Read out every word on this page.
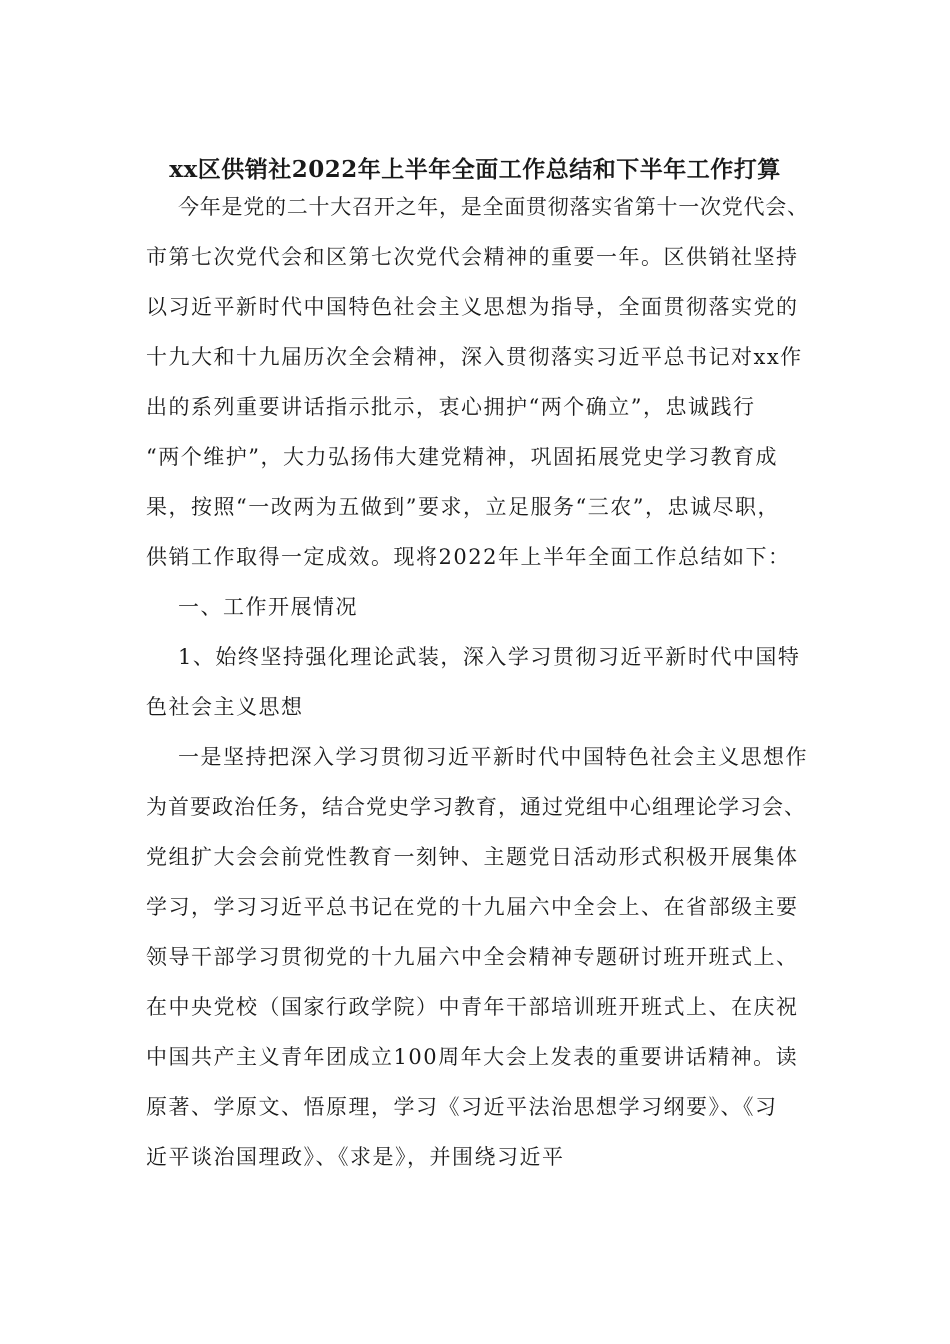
xx区供销社2022年上半年全面工作总结和下半年工作打算
今年是党的二十大召开之年，是全面贯彻落实省第十一次党代会、
市第七次党代会和区第七次党代会精神的重要一年。区供销社坚持
以习近平新时代中国特色社会主义思想为指导，全面贯彻落实党的
十九大和十九届历次全会精神，深入贯彻落实习近平总书记对xx作
出的系列重要讲话指示批示，衷心拥护“两个确立”，忠诚践行
“两个维护”，大力弘扬伟大建党精神，巩固拓展党史学习教育成
果，按照“一改两为五做到”要求，立足服务“三农”，忠诚尽职，
供销工作取得一定成效。现将2022年上半年全面工作总结如下：
一、工作开展情况
1、始终坚持强化理论武装，深入学习贯彻习近平新时代中国特
色社会主义思想
一是坚持把深入学习贯彻习近平新时代中国特色社会主义思想作
为首要政治任务，结合党史学习教育，通过党组中心组理论学习会、
党组扩大会会前党性教育一刻钟、主题党日活动形式积极开展集体
学习，学习习近平总书记在党的十九届六中全会上、在省部级主要
领导干部学习贯彻党的十九届六中全会精神专题研讨班开班式上、
在中央党校（国家行政学院）中青年干部培训班开班式上、在庆祝
中国共产主义青年团成立100周年大会上发表的重要讲话精神。读
原著、学原文、悟原理，学习《习近平法治思想学习纲要》、《习
近平谈治国理政》、《求是》，并围绕习近平
